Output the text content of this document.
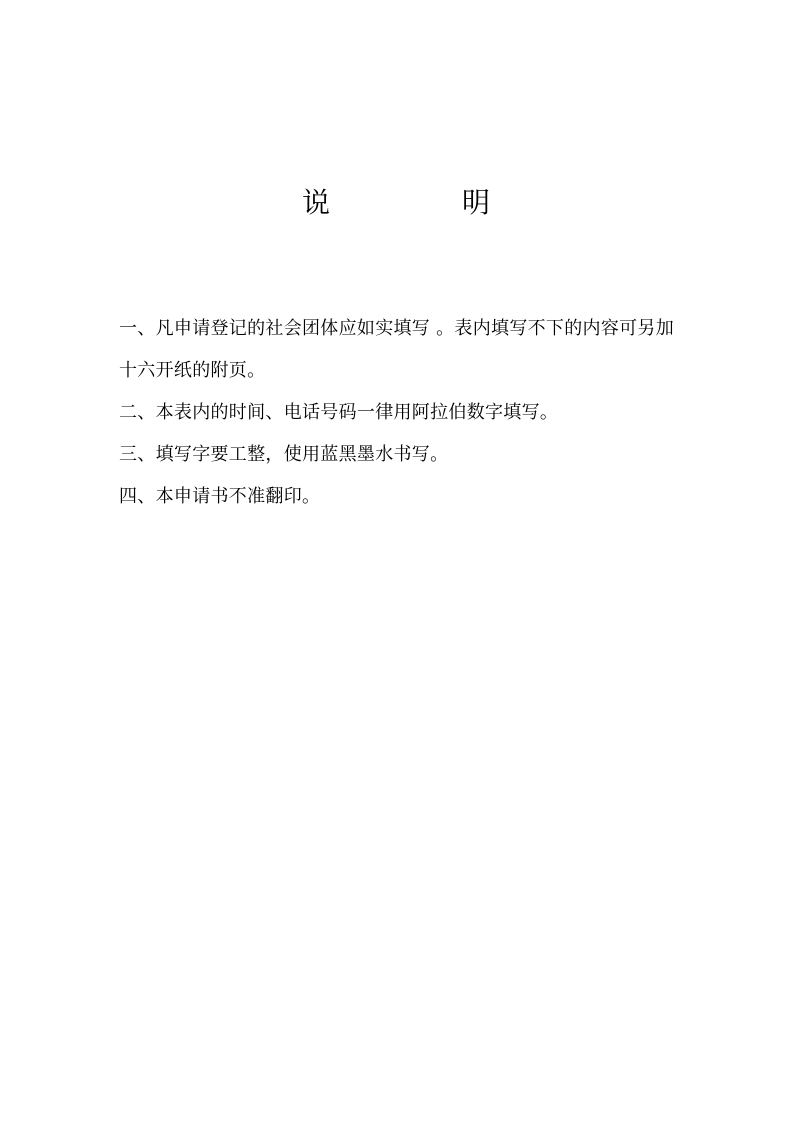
说	明

一、凡申请登记的社会团体应如实填写 。表内填写不下的内容可另加十六开纸的附页。

二、本表内的时间、电话号码一律用阿拉伯数字填写。

三、填写字要工整，使用蓝黑墨水书写。

四、本申请书不准翻印。
